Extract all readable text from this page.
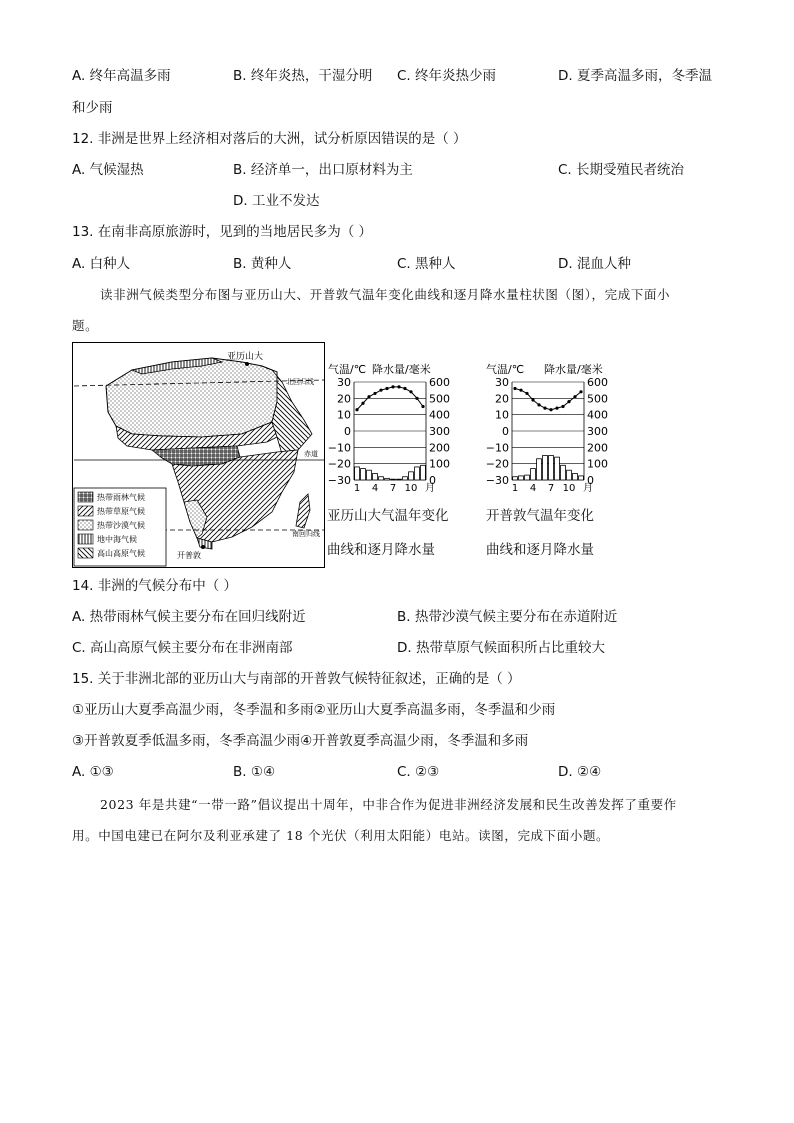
A. 终年高温多雨	B. 终年炎热，干湿分明 C. 终年炎热少雨	D. 夏季高温多雨，冬季温
和少雨
12. 非洲是世界上经济相对落后的大洲，试分析原因错误的是（ ）
A. 气候湿热	B. 经济单一，出口原材料为主	C. 长期受殖民者统治
D. 工业不发达
13. 在南非高原旅游时，见到的当地居民多为（ ）
A. 白种人	B. 黄种人	C. 黑种人	D. 混血人种
读非洲气候类型分布图与亚历山大、开普敦气温年变化曲线和逐月降水量柱状图（图），完成下面小
题。
亚历山大
开普敦
北回归线
赤道
南回归线
热带雨林气候
热带草原气候
热带沙漠气候
地中海气候
高山高原气候
气温/℃ 降水量/毫米
30	600
20	500
10	400
0	300
−10	200
−20	100
−30	0
1 4 7 10 月
气温/℃ 降水量/毫米
30	600
20	500
10	400
0	300
−10	200
−20	100
−30	0
1 4 7 10 月
亚历山大气温年变化
曲线和逐月降水量
开普敦气温年变化
曲线和逐月降水量
14. 非洲的气候分布中（ ）
A. 热带雨林气候主要分布在回归线附近	B. 热带沙漠气候主要分布在赤道附近
C. 高山高原气候主要分布在非洲南部	D. 热带草原气候面积所占比重较大
15. 关于非洲北部的亚历山大与南部的开普敦气候特征叙述，正确的是（ ）
①亚历山大夏季高温少雨，冬季温和多雨②亚历山大夏季高温多雨，冬季温和少雨
③开普敦夏季低温多雨，冬季高温少雨④开普敦夏季高温少雨，冬季温和多雨
A. ①③	B. ①④	C. ②③	D. ②④
2023 年是共建“一带一路”倡议提出十周年，中非合作为促进非洲经济发展和民生改善发挥了重要作
用。中国电建已在阿尔及利亚承建了 18 个光伏（利用太阳能）电站。读图，完成下面小题。
